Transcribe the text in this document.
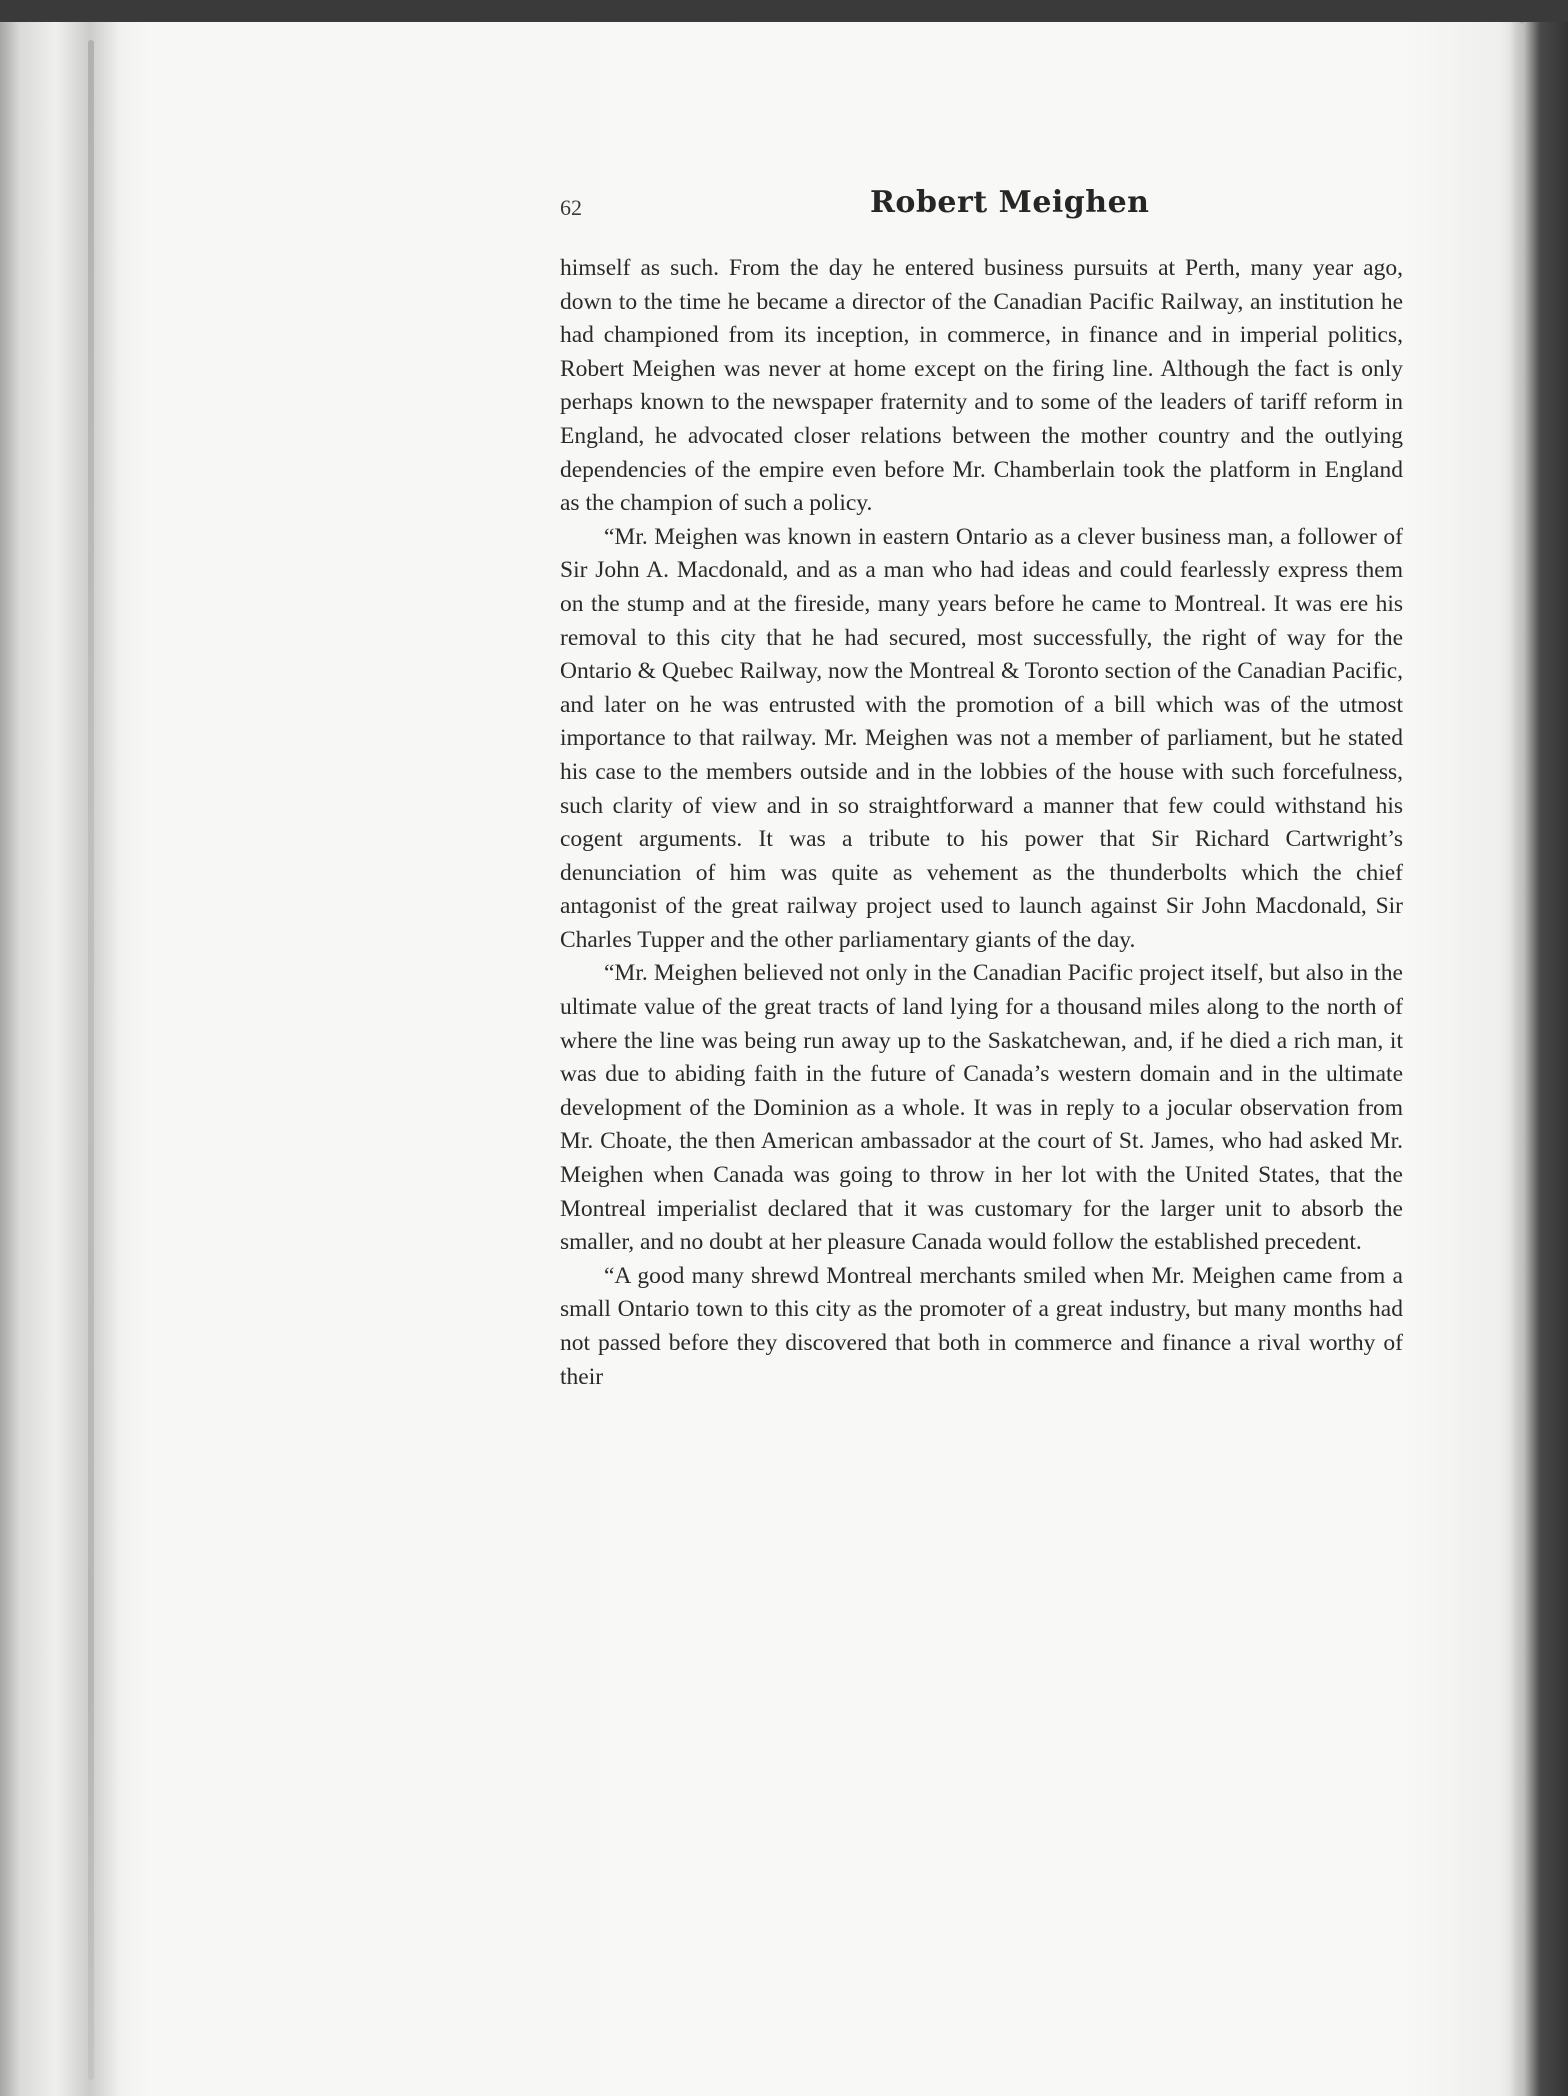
62	Robert Meighen

himself as such. From the day he entered business pursuits at Perth, many year ago, down to the time he became a director of the Canadian Pacific Railway, an institution he had championed from its inception, in commerce, in finance and in imperial politics, Robert Meighen was never at home except on the firing line. Although the fact is only perhaps known to the newspaper fraternity and to some of the leaders of tariff reform in England, he advocated closer relations between the mother country and the outlying dependencies of the empire even before Mr. Chamberlain took the platform in England as the champion of such a policy.

“Mr. Meighen was known in eastern Ontario as a clever business man, a follower of Sir John A. Macdonald, and as a man who had ideas and could fearlessly express them on the stump and at the fireside, many years before he came to Montreal. It was ere his removal to this city that he had secured, most successfully, the right of way for the Ontario & Quebec Railway, now the Montreal & Toronto section of the Canadian Pacific, and later on he was entrusted with the promotion of a bill which was of the utmost importance to that railway. Mr. Meighen was not a member of parliament, but he stated his case to the members outside and in the lobbies of the house with such forcefulness, such clarity of view and in so straightforward a manner that few could withstand his cogent arguments. It was a tribute to his power that Sir Richard Cartwright’s denunciation of him was quite as vehement as the thunderbolts which the chief antagonist of the great railway project used to launch against Sir John Macdonald, Sir Charles Tupper and the other parliamentary giants of the day.

“Mr. Meighen believed not only in the Canadian Pacific project itself, but also in the ultimate value of the great tracts of land lying for a thousand miles along to the north of where the line was being run away up to the Saskatchewan, and, if he died a rich man, it was due to abiding faith in the future of Canada’s western domain and in the ultimate development of the Dominion as a whole. It was in reply to a jocular observation from Mr. Choate, the then American ambassador at the court of St. James, who had asked Mr. Meighen when Canada was going to throw in her lot with the United States, that the Montreal imperialist declared that it was customary for the larger unit to absorb the smaller, and no doubt at her pleasure Canada would follow the established precedent.

“A good many shrewd Montreal merchants smiled when Mr. Meighen came from a small Ontario town to this city as the promoter of a great industry, but many months had not passed before they discovered that both in commerce and finance a rival worthy of their
